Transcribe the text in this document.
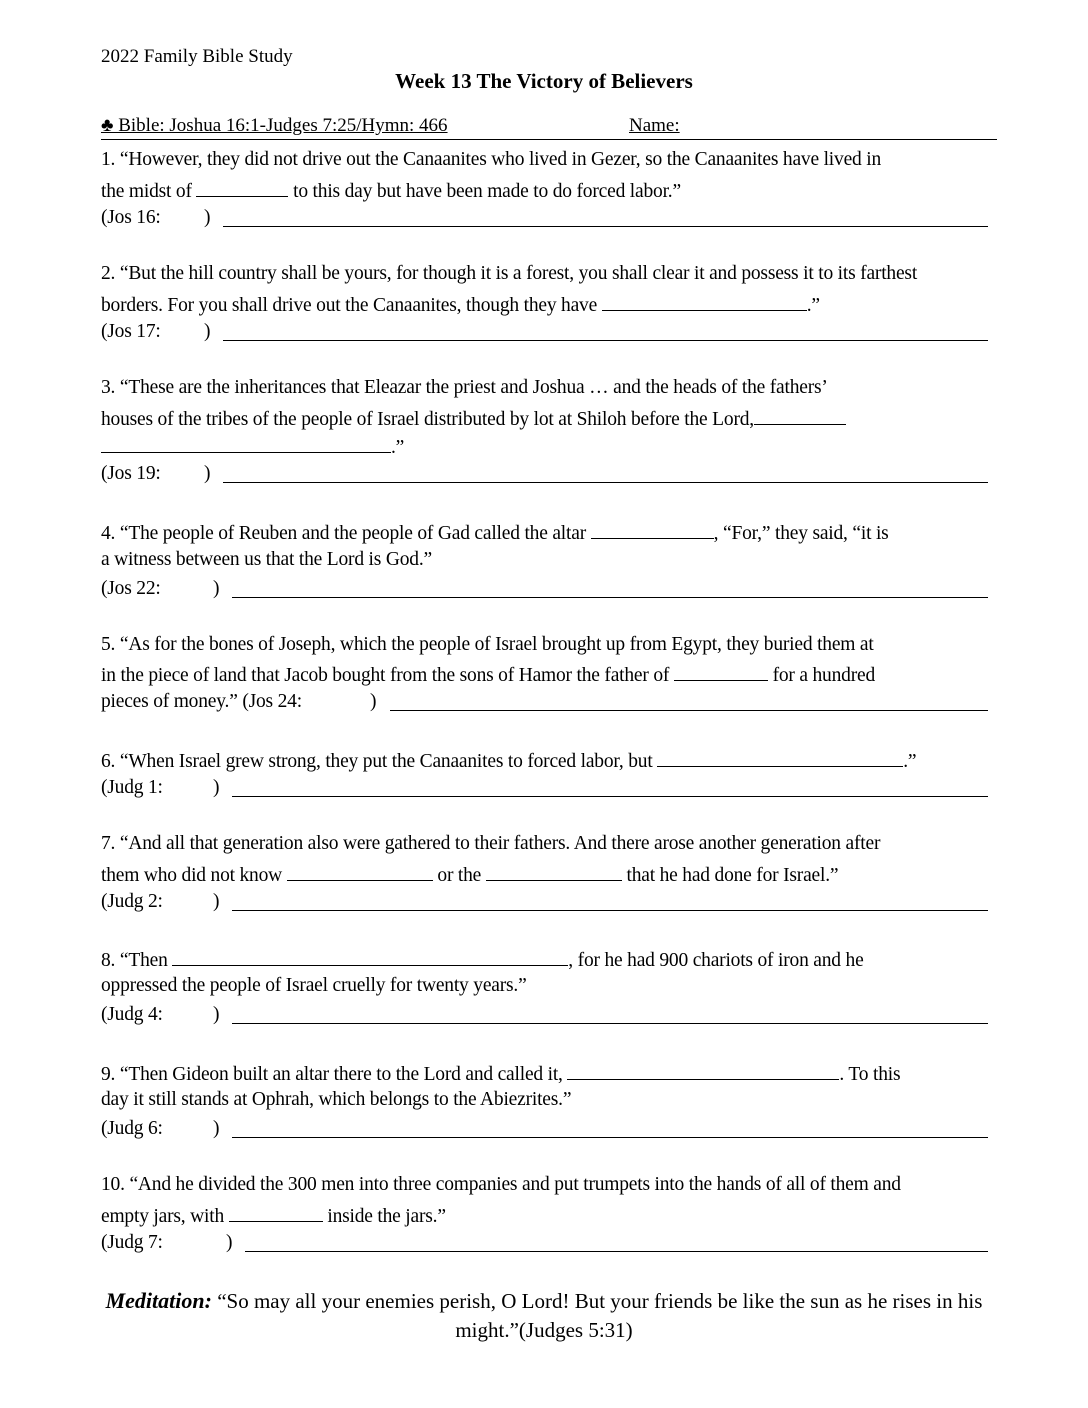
2022 Family Bible Study
Week 13 The Victory of Believers
♣ Bible: Joshua 16:1-Judges 7:25/Hymn: 466	Name:
1. “However, they did not drive out the Canaanites who lived in Gezer, so the Canaanites have lived in
the midst of	to this day but have been made to do forced labor.”
(Jos 16: )
2. “But the hill country shall be yours, for though it is a forest, you shall clear it and possess it to its farthest
borders. For you shall drive out the Canaanites, though they have	.”
(Jos 17: )
3. “These are the inheritances that Eleazar the priest and Joshua … and the heads of the fathers’
houses of the tribes of the people of Israel distributed by lot at Shiloh before the Lord,
.”
(Jos 19: )
4. “The people of Reuben and the people of Gad called the altar	, “For,” they said, “it is
a witness between us that the Lord is God.”
(Jos 22:	)
5. “As for the bones of Joseph, which the people of Israel brought up from Egypt, they buried them at
in the piece of land that Jacob bought from the sons of Hamor the father of	for a hundred
pieces of money.” (Jos 24:	)
6. “When Israel grew strong, they put the Canaanites to forced labor, but	.”
(Judg 1:	)
7. “And all that generation also were gathered to their fathers. And there arose another generation after
them who did not know	or the	that he had done for Israel.”
(Judg 2:	)
8. “Then	, for he had 900 chariots of iron and he
oppressed the people of Israel cruelly for twenty years.”
(Judg 4:	)
9. “Then Gideon built an altar there to the Lord and called it,	. To this
day it still stands at Ophrah, which belongs to the Abiezrites.”
(Judg 6:	)
10. “And he divided the 300 men into three companies and put trumpets into the hands of all of them and
empty jars, with	inside the jars.”
(Judg 7:	)
Meditation: “So may all your enemies perish, O Lord! But your friends be like the sun as he rises in his might.”(Judges 5:31)
